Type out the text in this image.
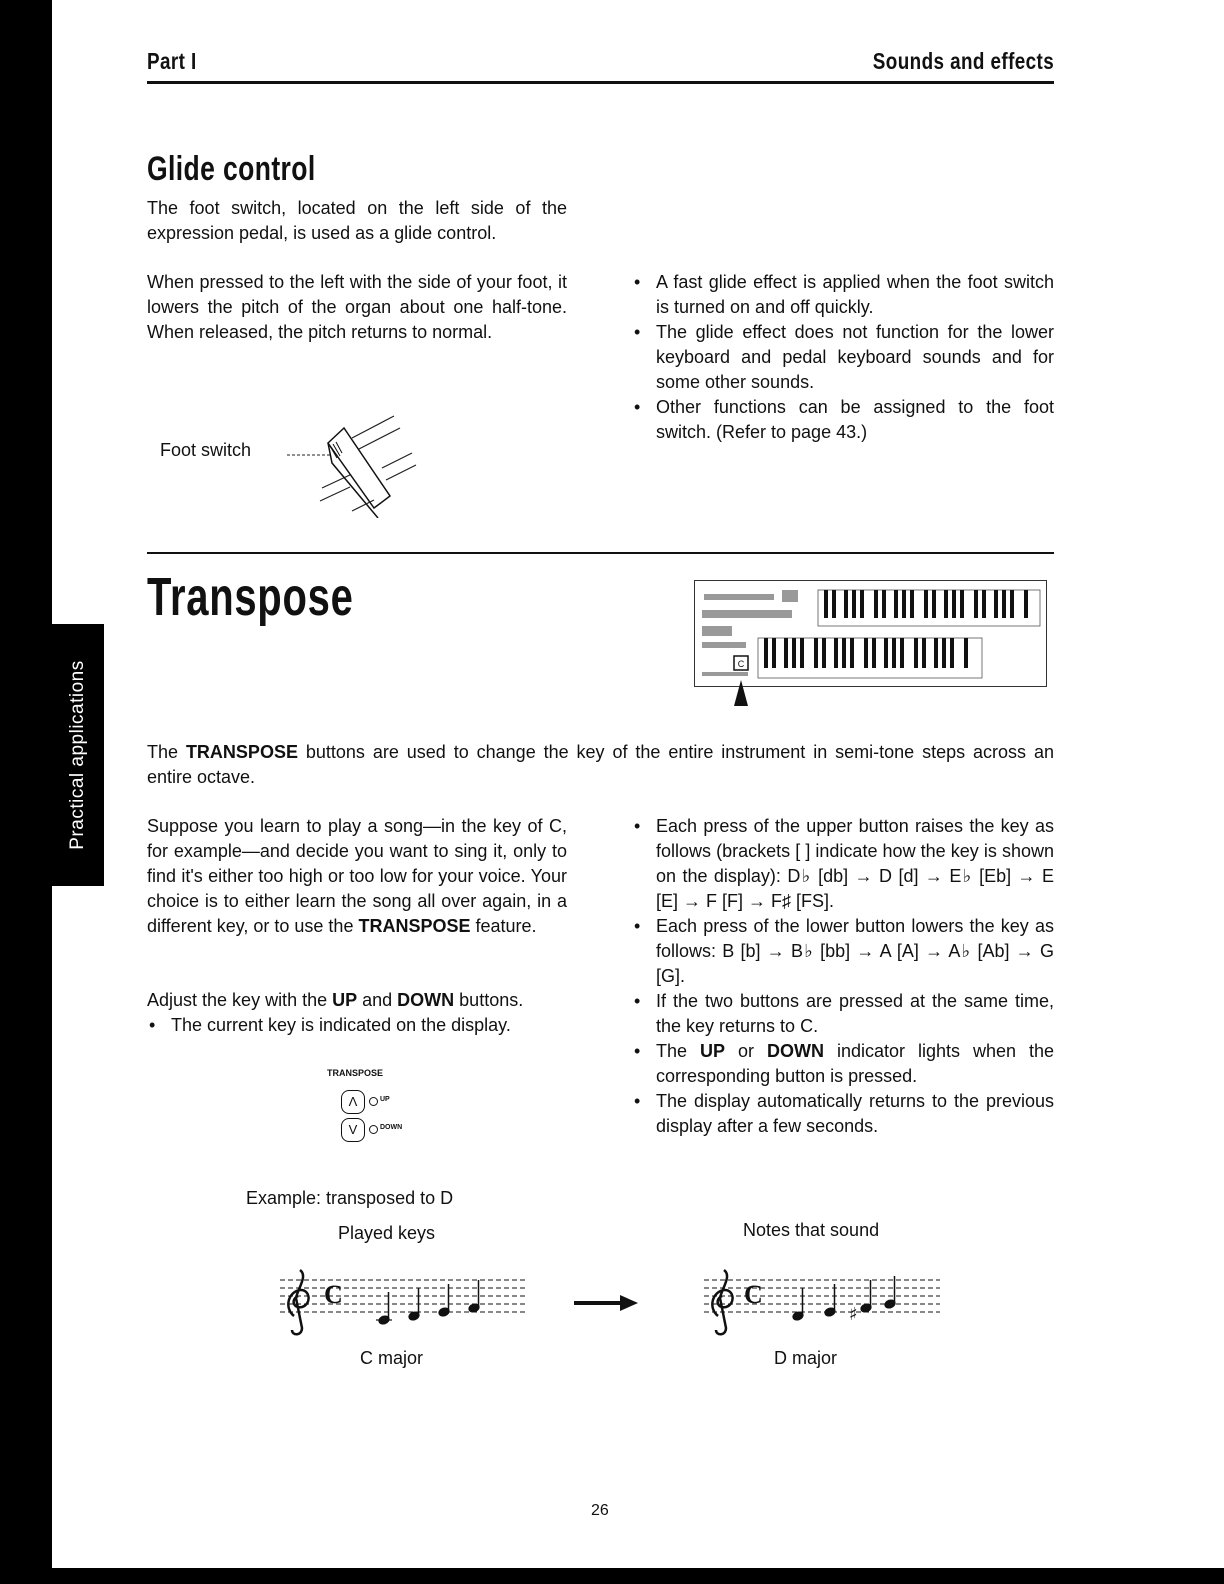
Part I	Sounds and effects
Glide control

The foot switch, located on the left side of the expression pedal, is used as a glide control.

When pressed to the left with the side of your foot, it lowers the pitch of the organ about one half-tone. When released, the pitch returns to normal.

• A fast glide effect is applied when the foot switch is turned on and off quickly.
• The glide effect does not function for the lower keyboard and pedal keyboard sounds and for some other sounds.
• Other functions can be assigned to the foot switch. (Refer to page 43.)
Foot switch
Transpose
C

The TRANSPOSE buttons are used to change the key of the entire instrument in semi-tone steps across an entire octave.

Suppose you learn to play a song—in the key of C, for example—and decide you want to sing it, only to find it's either too high or too low for your voice. Your choice is to either learn the song all over again, in a different key, or to use the TRANSPOSE feature.

Adjust the key with the UP and DOWN buttons.

• The current key is indicated on the display.
TRANSPOSE
Λ	UP
V	DOWN
• Each press of the upper button raises the key as follows (brackets [ ] indicate how the key is shown on the display): D♭ [db] → D [d] → E♭ [Eb] → E [E] → F [F] → F♯ [FS].
• Each press of the lower button lowers the key as follows: B [b] → B♭ [bb] → A [A] → A♭ [Ab] → G [G].
• If the two buttons are pressed at the same time, the key returns to C.
• The UP or DOWN indicator lights when the corresponding button is pressed.
• The display automatically returns to the previous display after a few seconds.
Example: transposed to D
Played keys	Notes that sound
C	C
♯
C major	D major
26
Practical applications
